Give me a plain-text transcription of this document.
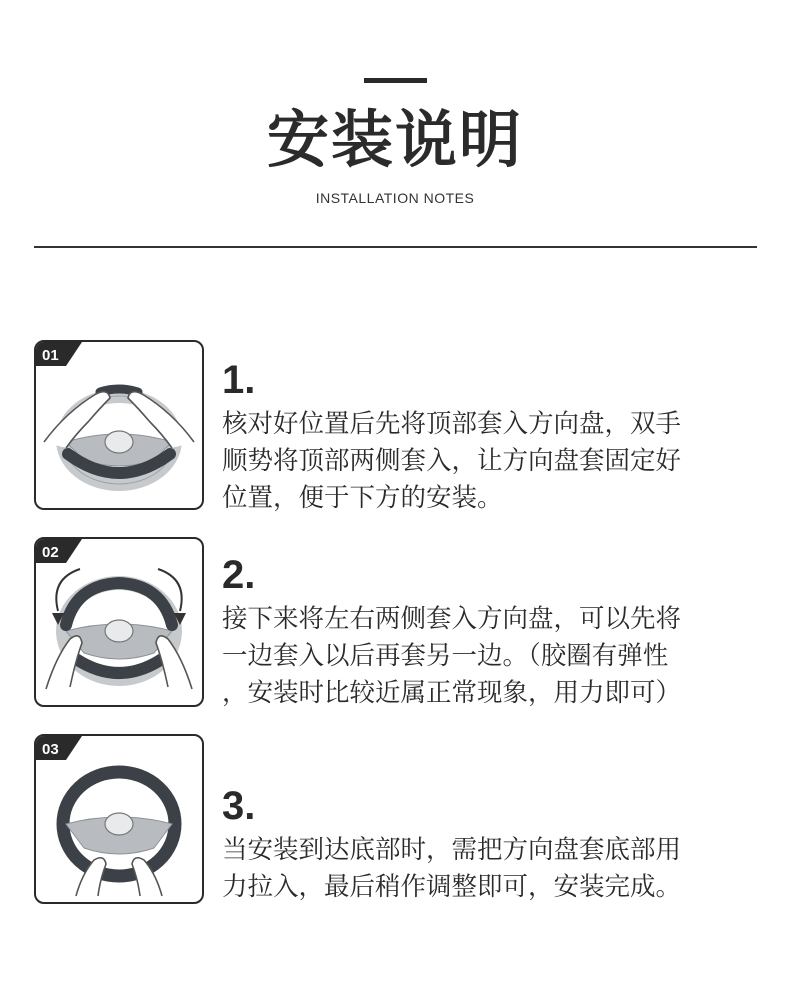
安装说明
INSTALLATION NOTES
01
1.
核对好位置后先将顶部套入方向盘，双手
顺势将顶部两侧套入，让方向盘套固定好
位置，便于下方的安装。
02
2.
接下来将左右两侧套入方向盘，可以先将
一边套入以后再套另一边。（胶圈有弹性
，安装时比较近属正常现象，用力即可）
03
3.
当安装到达底部时，需把方向盘套底部用
力拉入，最后稍作调整即可，安装完成。
